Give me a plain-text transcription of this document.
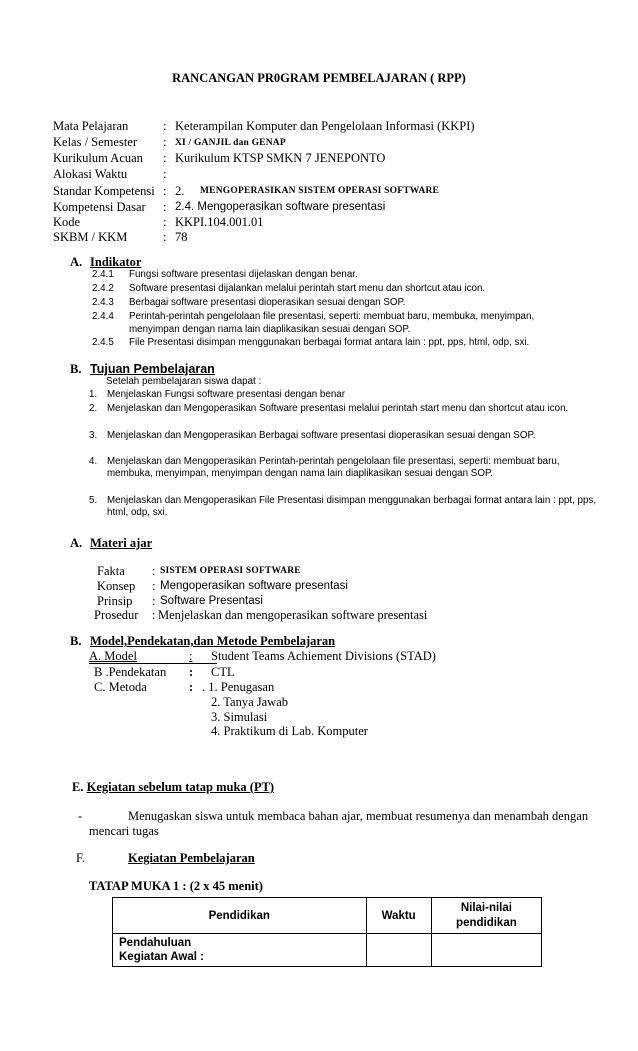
RANCANGAN PR0GRAM PEMBELAJARAN ( RPP)
Mata Pelajaran	: Keterampilan Komputer dan Pengelolaan Informasi (KKPI)
Kelas / Semester : XI / GANJIL dan GENAP
Kurikulum Acuan : Kurikulum KTSP SMKN 7 JENEPONTO
Alokasi Waktu	:
Standar Kompetensi : 2. MENGOPERASIKAN SISTEM OPERASI SOFTWARE
Kompetensi Dasar : 2.4. Mengoperasikan software presentasi
Kode	: KKPI.104.001.01
SKBM / KKM	: 78
A. Indikator
2.4.1 Fungsi software presentasi dijelaskan dengan benar.
2.4.2 Software presentasi dijalankan melalui perintah start menu dan shortcut atau icon.
2.4.3 Berbagai software presentasi dioperasikan sesuai dengan SOP.
2.4.4 Perintah-perintah pengelolaan file presentasi, seperti: membuat baru, membuka, menyimpan,
menyimpan dengan nama lain diaplikasikan sesuai dengan SOP.
2.4.5 File Presentasi disimpan menggunakan berbagai format antara lain : ppt, pps, html, odp, sxi.
B. Tujuan Pembelajaran
Setelah pembelajaran siswa dapat :
1. Menjelaskan Fungsi software presentasi dengan benar
2. Menjelaskan dan Mengoperasikan Software presentasi melalui perintah start menu dan shortcut atau icon.
3. Menjelaskan dan Mengoperasikan Berbagai software presentasi dioperasikan sesuai dengan SOP.
4. Menjelaskan dan Mengoperasikan Perintah-perintah pengelolaan file presentasi, seperti: membuat baru, membuka, menyimpan, menyimpan dengan nama lain diaplikasikan sesuai dengan SOP.
5. Menjelaskan dan Mengoperasikan File Presentasi disimpan menggunakan berbagai format antara lain : ppt, pps, html, odp, sxi.
A. Materi ajar
Fakta : SISTEM OPERASI SOFTWARE
Konsep : Mengoperasikan software presentasi
Prinsip : Software Presentasi
Prosedur : Menjelaskan dan mengoperasikan software presentasi
B. Model,Pendekatan,dan Metode Pembelajaran
A. Model	: Student Teams Achiement Divisions (STAD)
B .Pendekatan : CTL
C. Metoda	: . 1. Penugasan
2. Tanya Jawab
3. Simulasi
4. Praktikum di Lab. Komputer
E. Kegiatan sebelum tatap muka (PT)
-	Menugaskan siswa untuk membaca bahan ajar, membuat resumenya dan menambah dengan
mencari tugas
F.	Kegiatan Pembelajaran
TATAP MUKA 1 : (2 x 45 menit)
Pendidikan	Waktu	Nilai-nilai pendidikan

Pendahuluan
Kegiatan Awal :		
